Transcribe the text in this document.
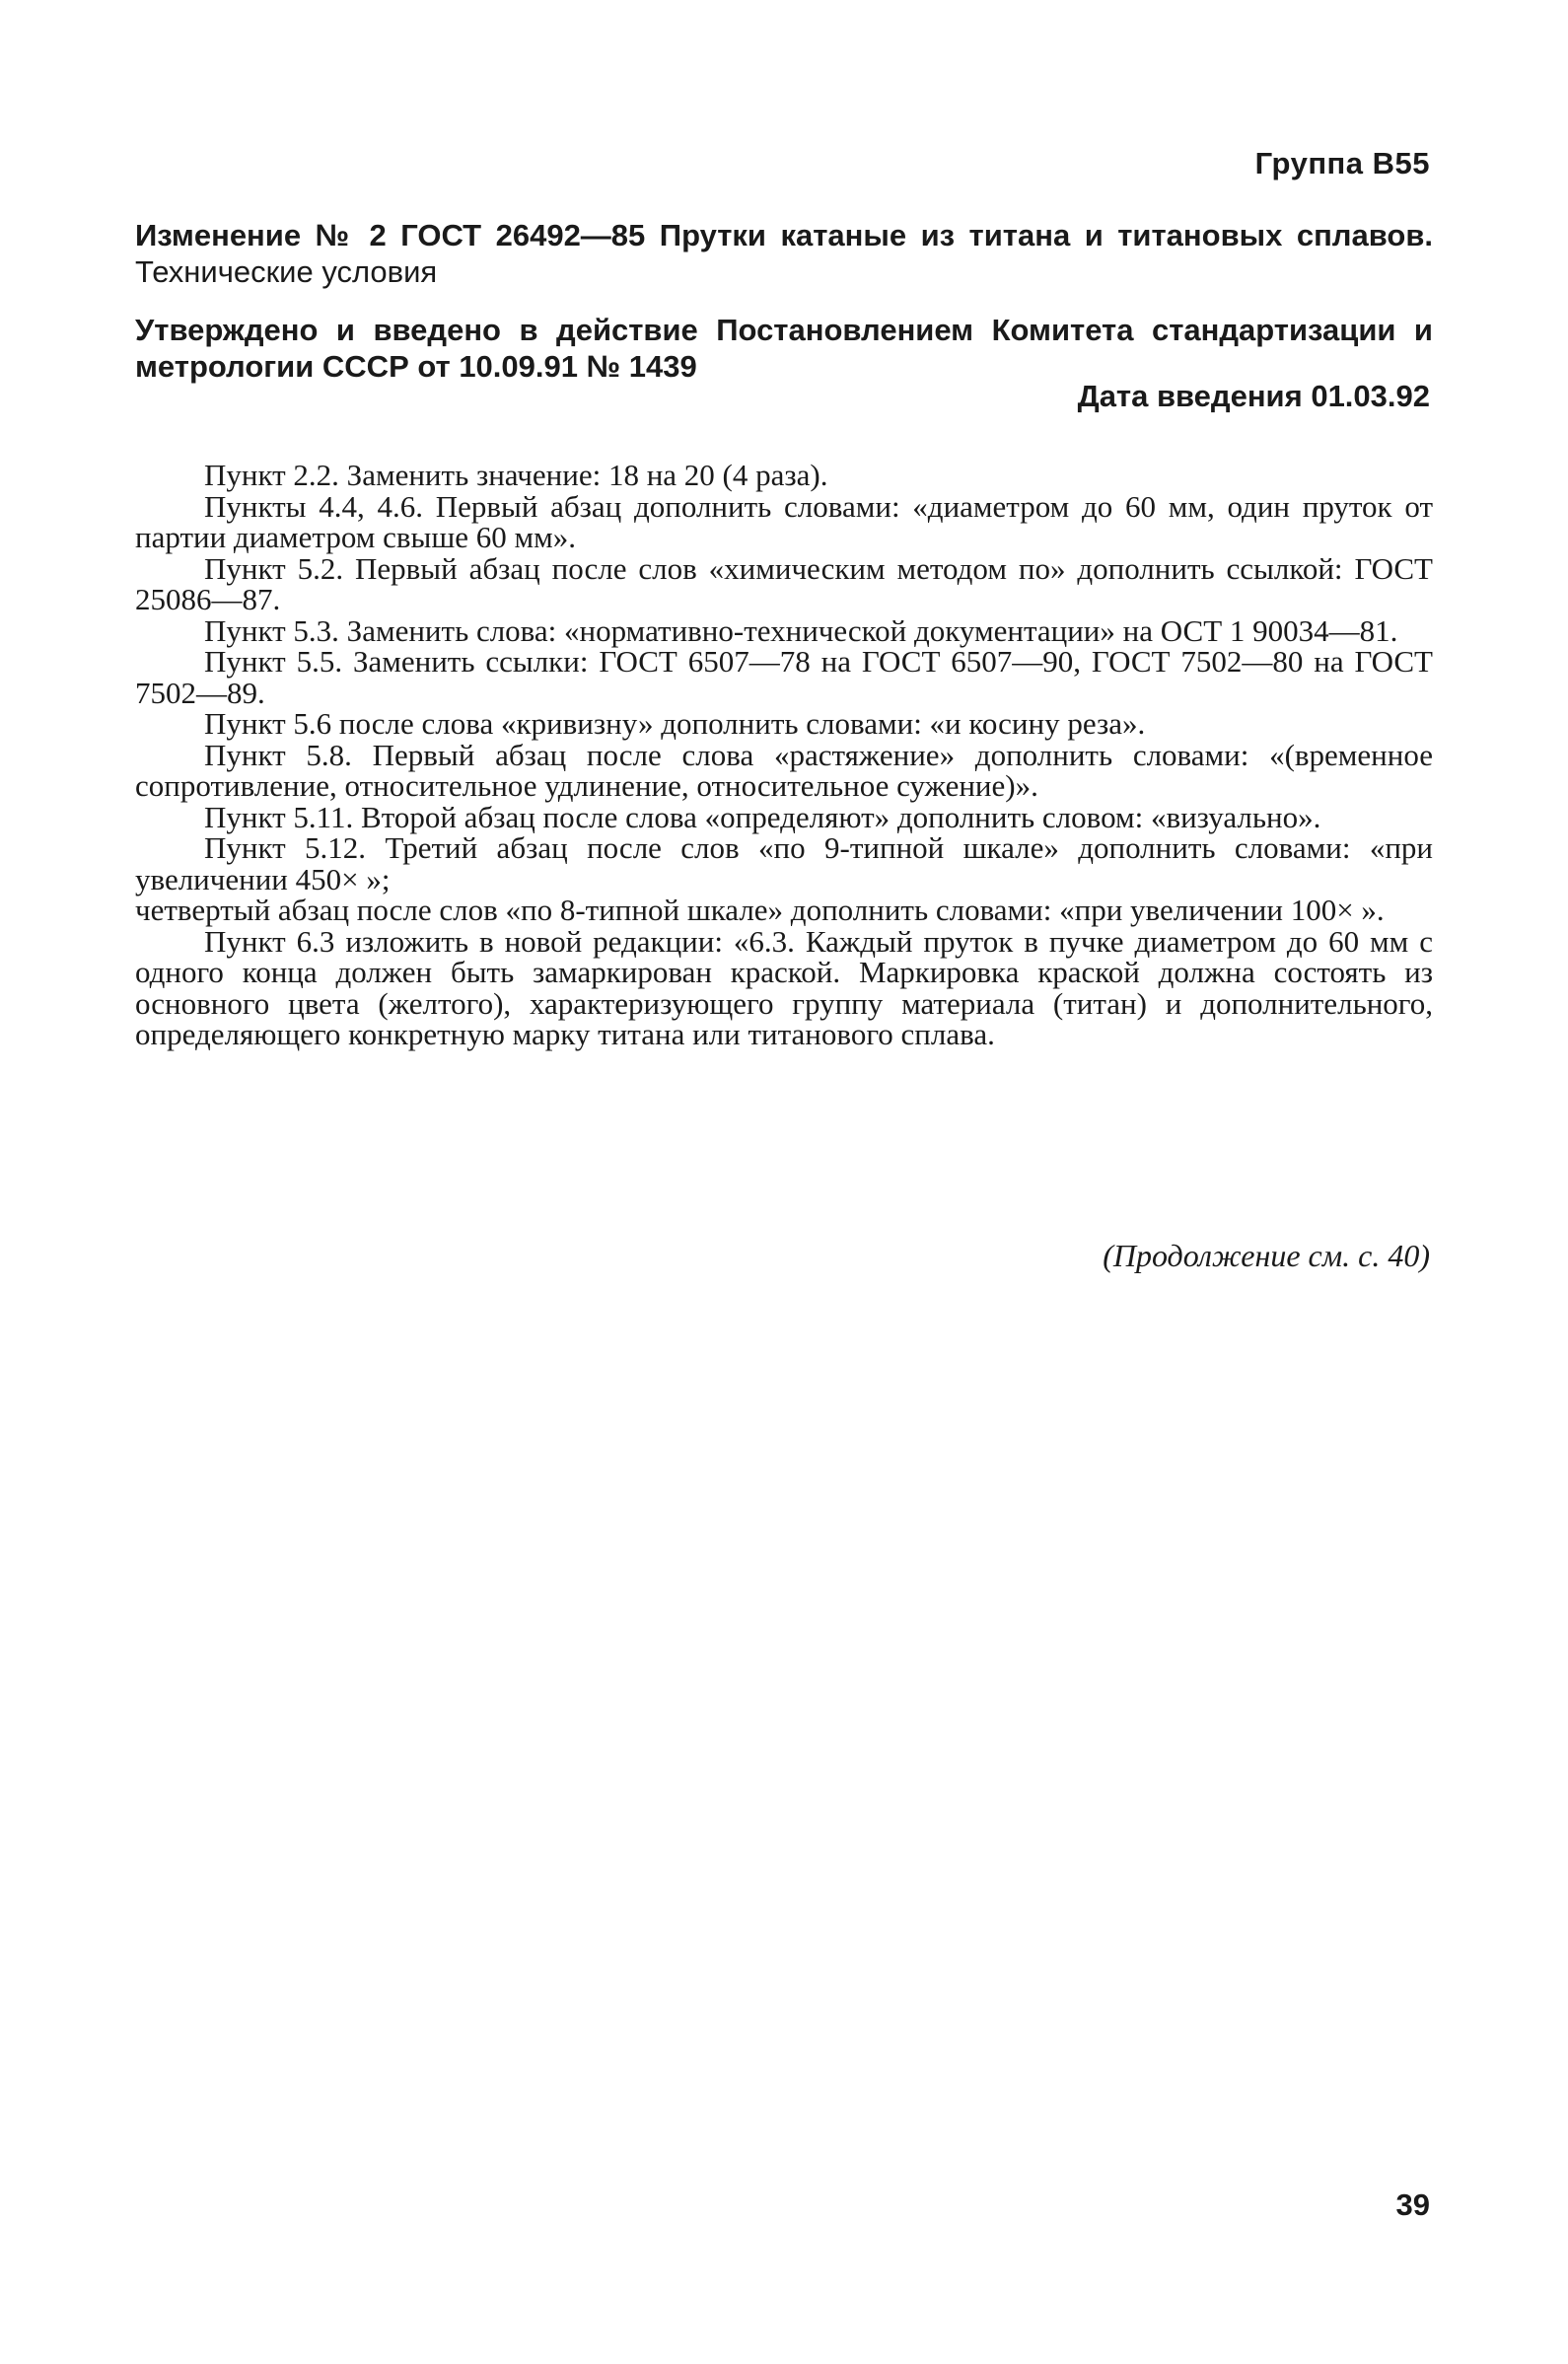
Группа В55
Изменение № 2 ГОСТ 26492—85 Прутки катаные из титана и титановых сплавов. Технические условия
Утверждено и введено в действие Постановлением Комитета стандартизации и метрологии СССР от 10.09.91 № 1439
Дата введения 01.03.92

Пункт 2.2. Заменить значение: 18 на 20 (4 раза).

Пункты 4.4, 4.6. Первый абзац дополнить словами: «диаметром до 60 мм, один пруток от партии диаметром свыше 60 мм».

Пункт 5.2. Первый абзац после слов «химическим методом по» дополнить ссылкой: ГОСТ 25086—87.

Пункт 5.3. Заменить слова: «нормативно-технической документации» на ОСТ 1 90034—81.

Пункт 5.5. Заменить ссылки: ГОСТ 6507—78 на ГОСТ 6507—90, ГОСТ 7502—80 на ГОСТ 7502—89.

Пункт 5.6 после слова «кривизну» дополнить словами: «и косину реза».

Пункт 5.8. Первый абзац после слова «растяжение» дополнить словами: «(временное сопротивление, относительное удлинение, относительное сужение)».

Пункт 5.11. Второй абзац после слова «определяют» дополнить словом: «визуально».

Пункт 5.12. Третий абзац после слов «по 9-типной шкале» дополнить словами: «при увеличении 450× »;

четвертый абзац после слов «по 8-типной шкале» дополнить словами: «при увеличении 100× ».

Пункт 6.3 изложить в новой редакции: «6.3. Каждый пруток в пучке диаметром до 60 мм с одного конца должен быть замаркирован краской. Маркировка краской должна состоять из основного цвета (желтого), характеризующего группу материала (титан) и дополнительного, определяющего конкретную марку титана или титанового сплава.

(Продолжение см. с. 40)
39
